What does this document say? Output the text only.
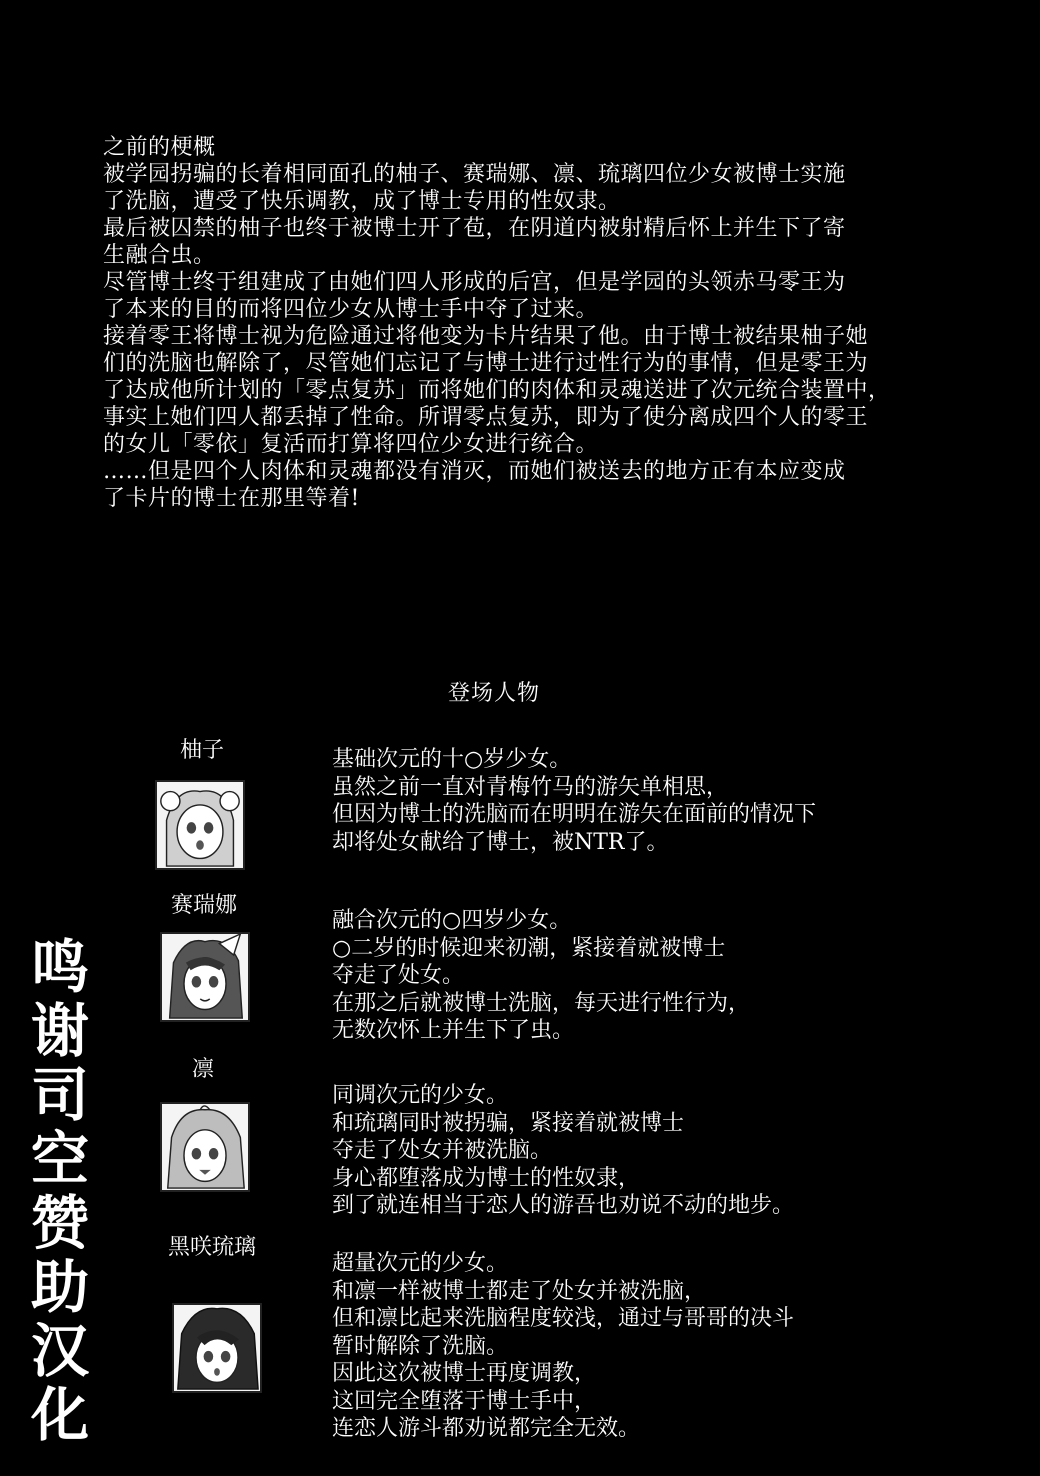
之前的梗概
被学园拐骗的长着相同面孔的柚子、赛瑞娜、凛、琉璃四位少女被博士实施
了洗脑，遭受了快乐调教，成了博士专用的性奴隶。
最后被囚禁的柚子也终于被博士开了苞，在阴道内被射精后怀上并生下了寄
生融合虫。
尽管博士终于组建成了由她们四人形成的后宫，但是学园的头领赤马零王为
了本来的目的而将四位少女从博士手中夺了过来。
接着零王将博士视为危险通过将他变为卡片结果了他。由于博士被结果柚子她
们的洗脑也解除了，尽管她们忘记了与博士进行过性行为的事情，但是零王为
了达成他所计划的「零点复苏」而将她们的肉体和灵魂送进了次元统合装置中，
事实上她们四人都丢掉了性命。所谓零点复苏，即为了使分离成四个人的零王
的女儿「零依」复活而打算将四位少女进行统合。
……但是四个人肉体和灵魂都没有消灭，而她们被送去的地方正有本应变成
了卡片的博士在那里等着!
登场人物
柚子	基础次元的十○岁少女。
虽然之前一直对青梅竹马的游矢单相思，
但因为博士的洗脑而在明明在游矢在面前的情况下
却将处女献给了博士，被NTR了。
赛瑞娜
融合次元的○四岁少女。
○二岁的时候迎来初潮，紧接着就被博士
夺走了处女。
在那之后就被博士洗脑，每天进行性行为，
无数次怀上并生下了虫。
凛
同调次元的少女。
和琉璃同时被拐骗，紧接着就被博士
夺走了处女并被洗脑。
身心都堕落成为博士的性奴隶，
到了就连相当于恋人的游吾也劝说不动的地步。
黑咲琉璃
超量次元的少女。
和凛一样被博士都走了处女并被洗脑，
但和凛比起来洗脑程度较浅，通过与哥哥的决斗
暂时解除了洗脑。
因此这次被博士再度调教，
这回完全堕落于博士手中，
连恋人游斗都劝说都完全无效。
鸣
谢
司
空
赞
助
汉
化
